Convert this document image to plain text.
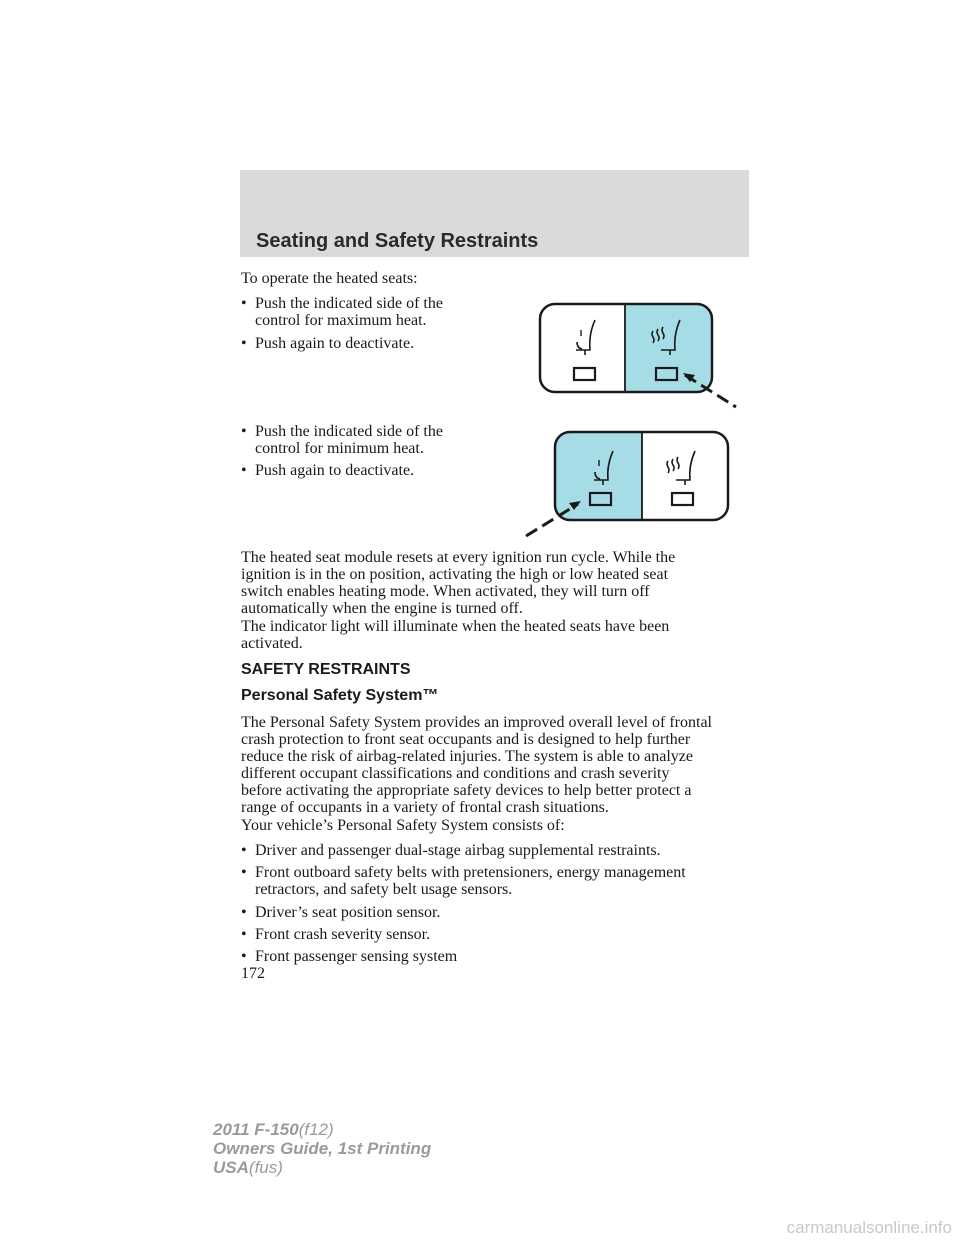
Seating and Safety Restraints

To operate the heated seats:

• Push the indicated side of the
control for maximum heat.
• Push again to deactivate.
• Push the indicated side of the
control for minimum heat.
• Push again to deactivate.
The heated seat module resets at every ignition run cycle. While the
ignition is in the on position, activating the high or low heated seat
switch enables heating mode. When activated, they will turn off
automatically when the engine is turned off.
The indicator light will illuminate when the heated seats have been
activated.
SAFETY RESTRAINTS
Personal Safety System™
The Personal Safety System provides an improved overall level of frontal
crash protection to front seat occupants and is designed to help further
reduce the risk of airbag-related injuries. The system is able to analyze
different occupant classifications and conditions and crash severity
before activating the appropriate safety devices to help better protect a
range of occupants in a variety of frontal crash situations.

Your vehicle’s Personal Safety System consists of:

• Driver and passenger dual-stage airbag supplemental restraints.
• Front outboard safety belts with pretensioners, energy management
retractors, and safety belt usage sensors.
• Driver’s seat position sensor.
• Front crash severity sensor.
• Front passenger sensing system
172
2011 F-150(f12)
Owners Guide, 1st Printing
USA(fus)
carmanualsonline.info
